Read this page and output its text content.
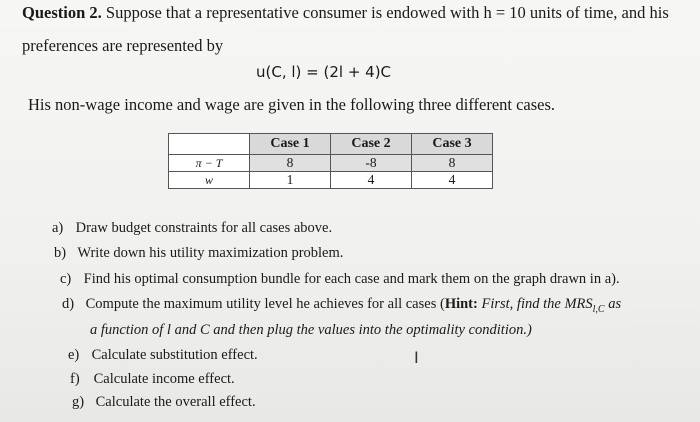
Question 2. Suppose that a representative consumer is endowed with h = 10 units of time, and his
preferences are represented by
u(C, l) = (2l + 4)C
His non-wage income and wage are given in the following three different cases.
	Case 1	Case 2	Case 3
π − T	8	-8	8
w	1	4	4
a) Draw budget constraints for all cases above.
b) Write down his utility maximization problem.
c) Find his optimal consumption bundle for each case and mark them on the graph drawn in a).
d) Compute the maximum utility level he achieves for all cases (Hint: First, find the $MRS_{l,C}$ as
a function of l and C and then plug the values into the optimality condition.)
e) Calculate substitution effect.
f) Calculate income effect.
g) Calculate the overall effect.
I
